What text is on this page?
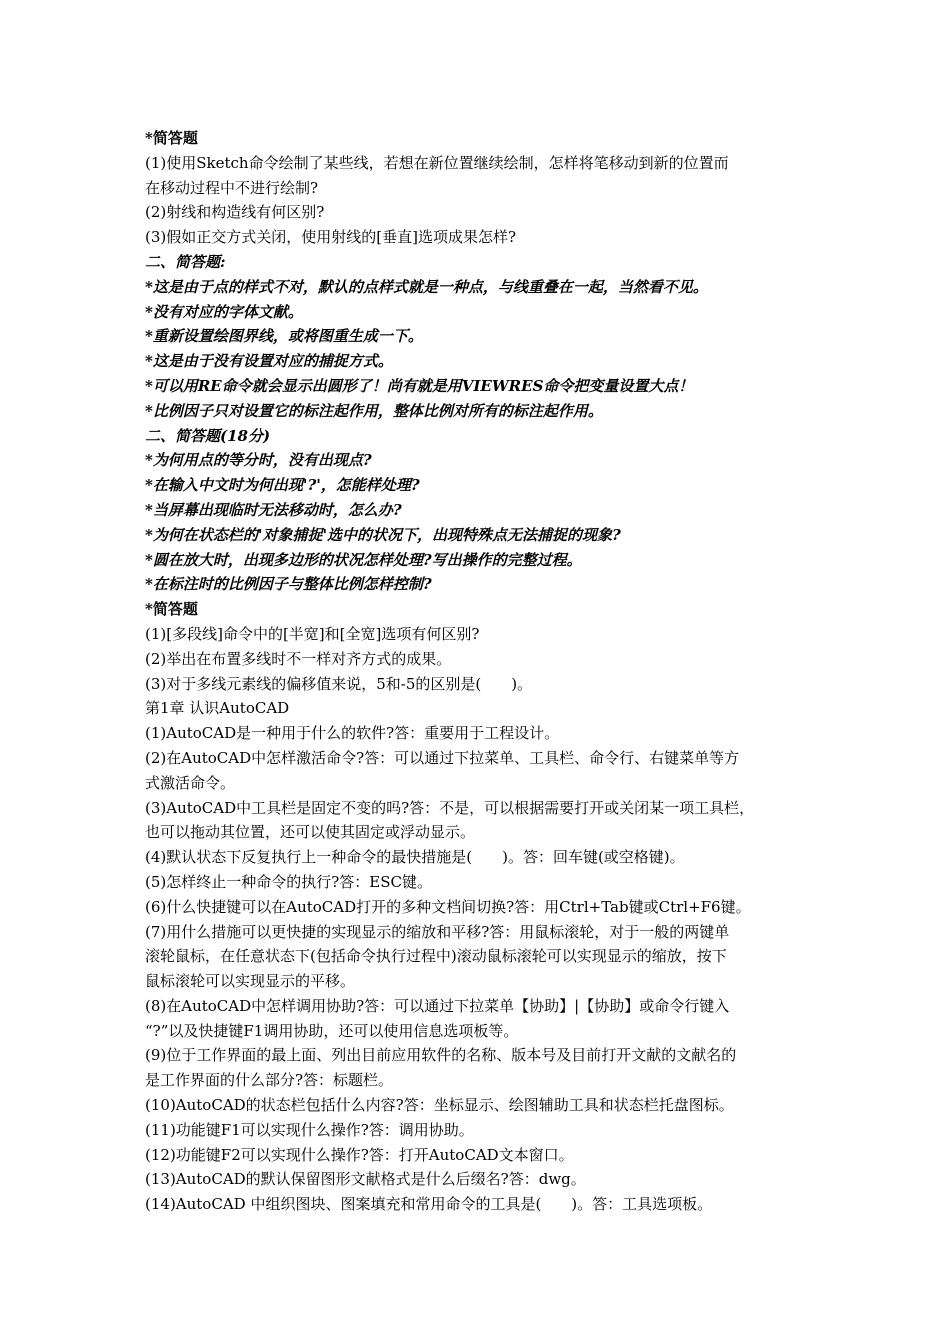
*简答题
(1)使用Sketch命令绘制了某些线，若想在新位置继续绘制，怎样将笔移动到新的位置而
在移动过程中不进行绘制?
(2)射线和构造线有何区别?
(3)假如正交方式关闭，使用射线的[垂直]选项成果怎样?
二、简答题:
*这是由于点的样式不对，默认的点样式就是一种点，与线重叠在一起，当然看不见。
*没有对应的字体文献。
*重新设置绘图界线，或将图重生成一下。
*这是由于没有设置对应的捕捉方式。
*可以用RE命令就会显示出圆形了！尚有就是用VIEWRES命令把变量设置大点！
*比例因子只对设置它的标注起作用，整体比例对所有的标注起作用。
二、简答题(18分)
*为何用点的等分时，没有出现点?
*在输入中文时为何出现'?'，怎能样处理?
*当屏幕出现临时无法移动时，怎么办?
*为何在状态栏的'对象捕捉'选中的状况下，出现特殊点无法捕捉的现象?
*圆在放大时，出现多边形的状况怎样处理?写出操作的完整过程。
*在标注时的比例因子与整体比例怎样控制?
*简答题
(1)[多段线]命令中的[半宽]和[全宽]选项有何区别?
(2)举出在布置多线时不一样对齐方式的成果。
(3)对于多线元素线的偏移值来说，5和-5的区别是(　　)。
第1章 认识AutoCAD
(1)AutoCAD是一种用于什么的软件?答：重要用于工程设计。
(2)在AutoCAD中怎样激活命令?答：可以通过下拉菜单、工具栏、命令行、右键菜单等方
式激活命令。
(3)AutoCAD中工具栏是固定不变的吗?答：不是，可以根据需要打开或关闭某一项工具栏，
也可以拖动其位置，还可以使其固定或浮动显示。
(4)默认状态下反复执行上一种命令的最快措施是(　　)。答：回车键(或空格键)。
(5)怎样终止一种命令的执行?答：ESC键。
(6)什么快捷键可以在AutoCAD打开的多种文档间切换?答：用Ctrl+Tab键或Ctrl+F6键。
(7)用什么措施可以更快捷的实现显示的缩放和平移?答：用鼠标滚轮，对于一般的两键单
滚轮鼠标，在任意状态下(包括命令执行过程中)滚动鼠标滚轮可以实现显示的缩放，按下
鼠标滚轮可以实现显示的平移。
(8)在AutoCAD中怎样调用协助?答：可以通过下拉菜单【协助】|【协助】或命令行键入
“?”以及快捷键F1调用协助，还可以使用信息选项板等。
(9)位于工作界面的最上面、列出目前应用软件的名称、版本号及目前打开文献的文献名的
是工作界面的什么部分?答：标题栏。
(10)AutoCAD的状态栏包括什么内容?答：坐标显示、绘图辅助工具和状态栏托盘图标。
(11)功能键F1可以实现什么操作?答：调用协助。
(12)功能键F2可以实现什么操作?答：打开AutoCAD文本窗口。
(13)AutoCAD的默认保留图形文献格式是什么后缀名?答：dwg。
(14)AutoCAD 中组织图块、图案填充和常用命令的工具是(　　)。答：工具选项板。
